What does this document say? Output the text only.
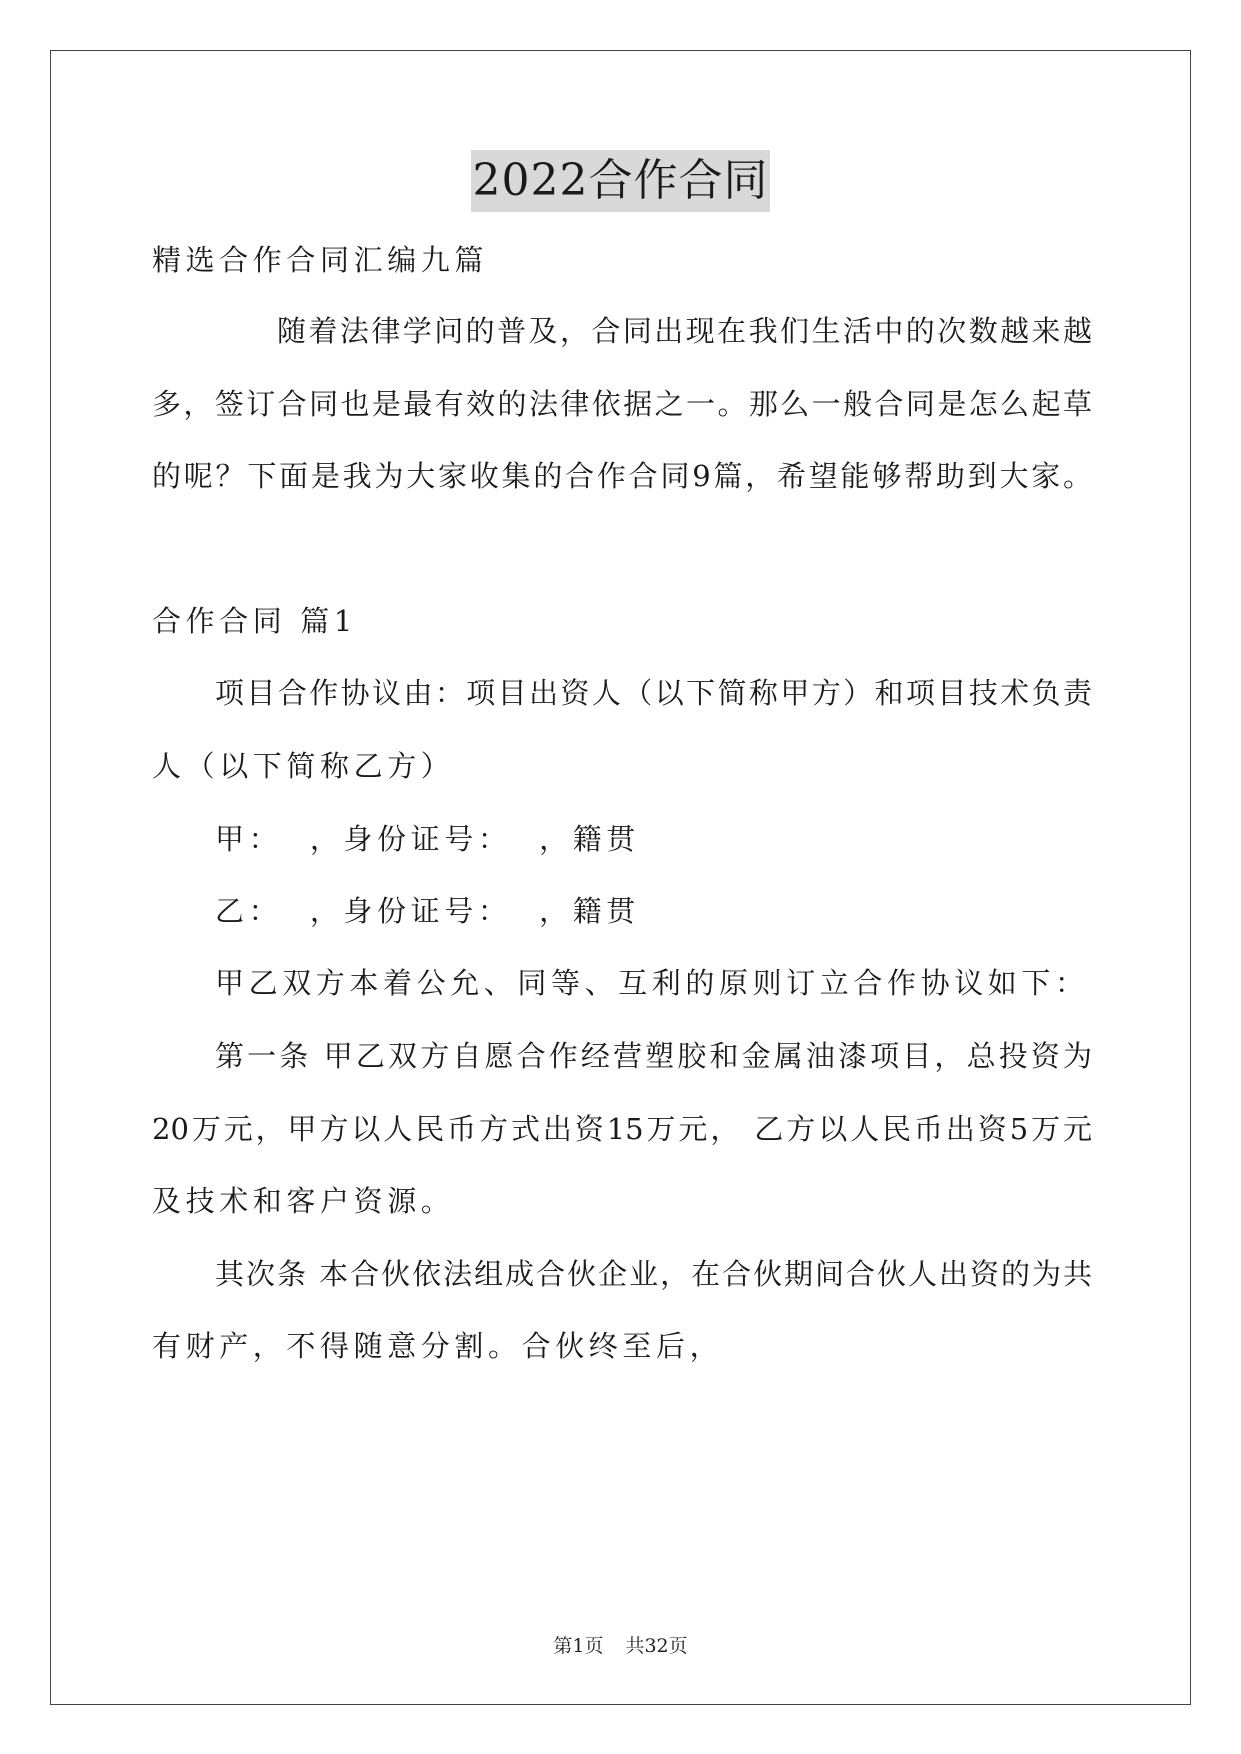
2022合作合同
精选合作合同汇编九篇
随着法律学问的普及，合同出现在我们生活中的次数越来越
多，签订合同也是最有效的法律依据之一。那么一般合同是怎么起草
的呢？下面是我为大家收集的合作合同9篇，希望能够帮助到大家。
合作合同 篇1
项目合作协议由：项目出资人（以下简称甲方）和项目技术负责
人（以下简称乙方）
甲：  ，身份证号：  ，籍贯
乙：  ，身份证号：  ，籍贯
甲乙双方本着公允、同等、互利的原则订立合作协议如下：
第一条 甲乙双方自愿合作经营塑胶和金属油漆项目，总投资为
20万元，甲方以人民币方式出资15万元， 乙方以人民币出资5万元
及技术和客户资源。
其次条 本合伙依法组成合伙企业，在合伙期间合伙人出资的为共
有财产，不得随意分割。合伙终至后，
第1页 共32页
